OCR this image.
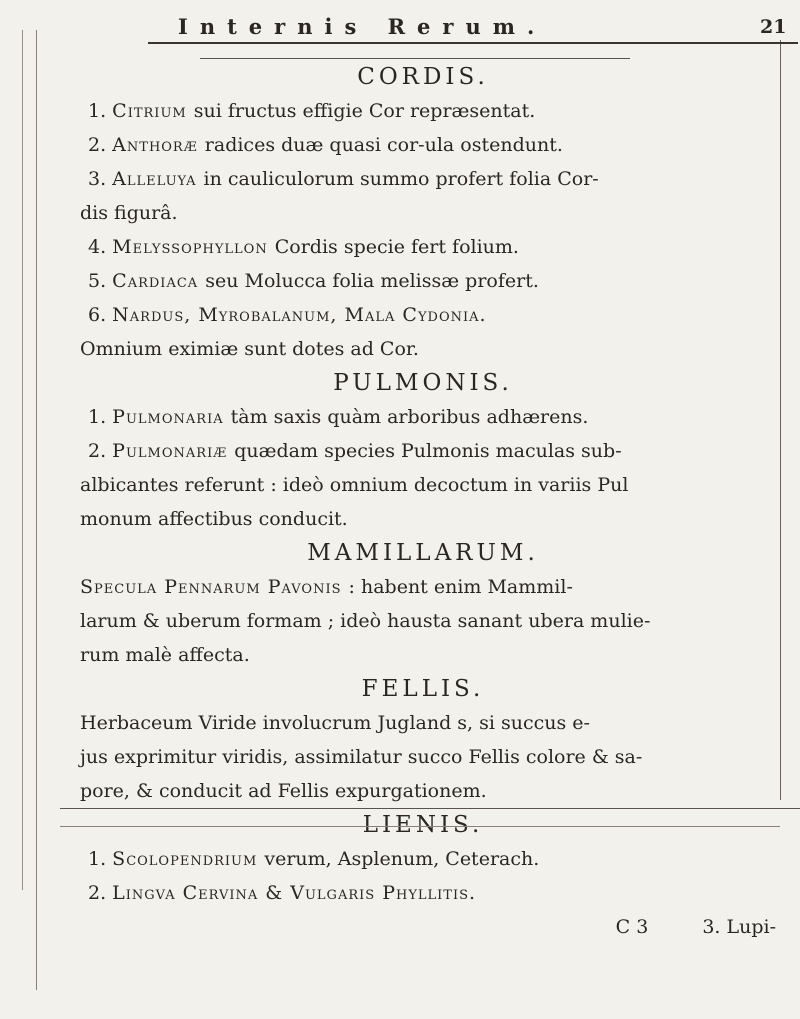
Internis Rerum.	21
CORDIS.
1. Citrium sui fructus effigie Cor repræsentat.
2. Anthoræ radices duæ quasi cor-ula ostendunt.
3. Alleluya in cauliculorum summo profert folia Cor-
dis figurâ.
4. Melyssophyllon Cordis specie fert folium.
5. Cardiaca seu Molucca folia melissæ profert.
6. Nardus, Myrobalanum, Mala Cydonia.
Omnium eximiæ sunt dotes ad Cor.
PULMONIS.
1. Pulmonaria tàm saxis quàm arboribus adhærens.
2. Pulmonariæ quædam species Pulmonis maculas sub-
albicantes referunt : ideò omnium decoctum in variis Pul
monum affectibus conducit.
MAMILLARUM.
Specula Pennarum Pavonis : habent enim Mammil-
larum & uberum formam ; ideò hausta sanant ubera mulie-
rum malè affecta.
FELLIS.
Herbaceum Viride involucrum Jugland s, si succus e-
jus exprimitur viridis, assimilatur succo Fellis colore & sa-
pore, & conducit ad Fellis expurgationem.
LIENIS.
1. Scolopendrium verum, Asplenum, Ceterach.
2. Lingva Cervina & Vulgaris Phyllitis.
C 3	3. Lupi-
